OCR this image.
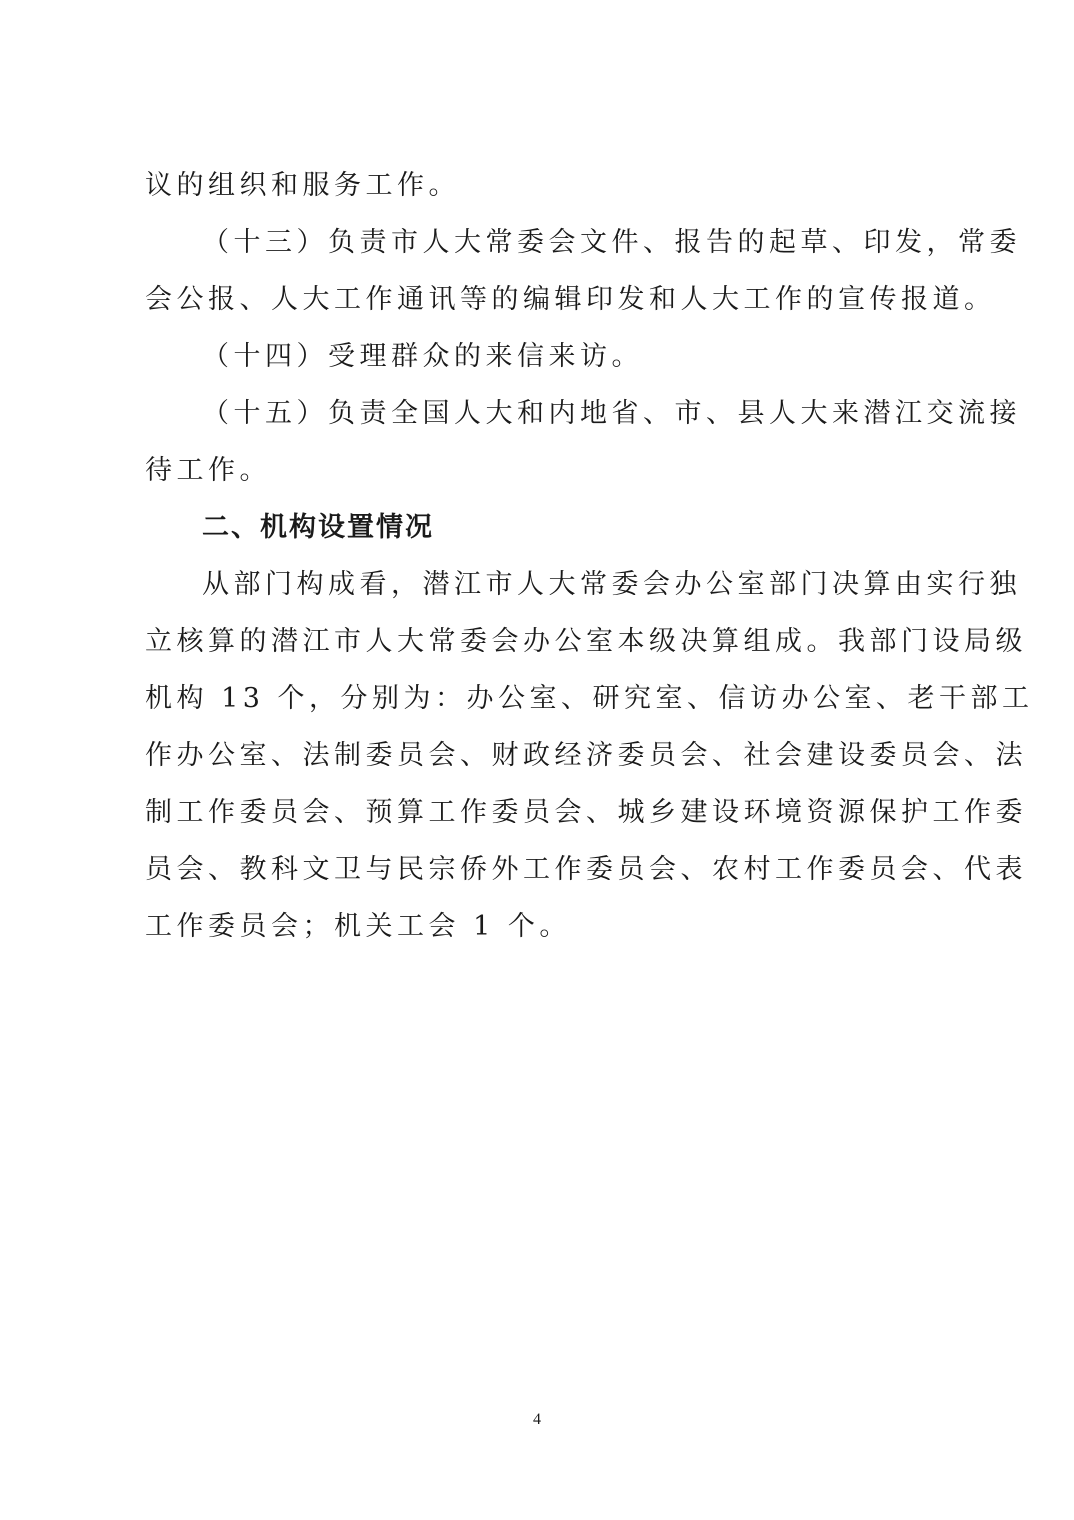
议的组织和服务工作。
（十三）负责市人大常委会文件、报告的起草、印发，常委
会公报、人大工作通讯等的编辑印发和人大工作的宣传报道。
（十四）受理群众的来信来访。
（十五）负责全国人大和内地省、市、县人大来潜江交流接
待工作。
二、机构设置情况
从部门构成看，潜江市人大常委会办公室部门决算由实行独
立核算的潜江市人大常委会办公室本级决算组成。我部门设局级
机构 13 个，分别为：办公室、研究室、信访办公室、老干部工
作办公室、法制委员会、财政经济委员会、社会建设委员会、法
制工作委员会、预算工作委员会、城乡建设环境资源保护工作委
员会、教科文卫与民宗侨外工作委员会、农村工作委员会、代表
工作委员会；机关工会 1 个。
4
